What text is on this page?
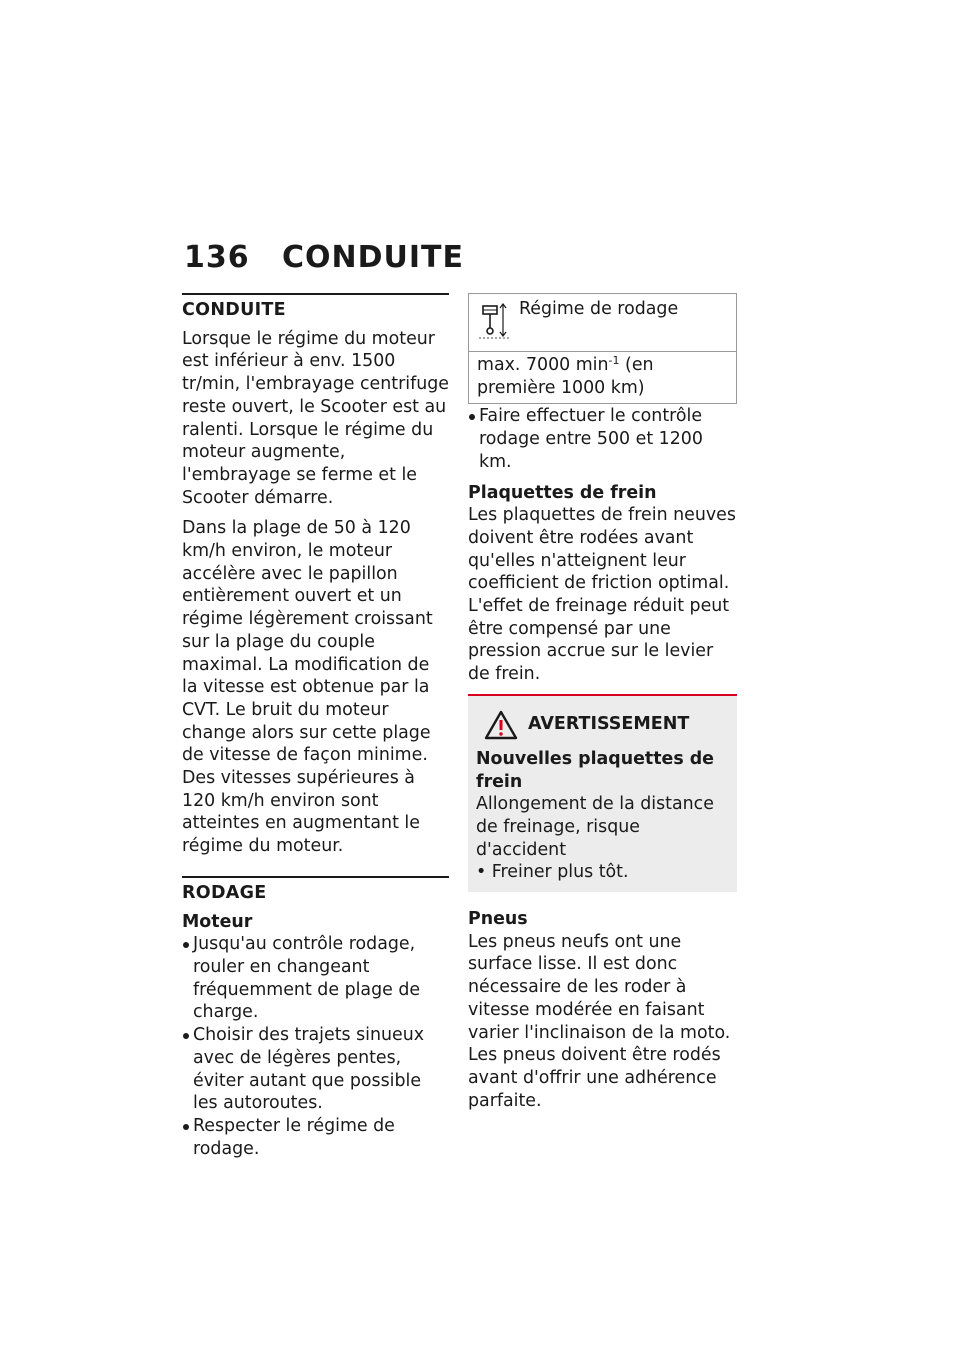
136 CONDUITE
CONDUITE

Lorsque le régime du moteur est inférieur à env. 1500 tr/min, l'embrayage centrifuge reste ouvert, le Scooter est au ralenti. Lorsque le régime du moteur augmente, l'embrayage se ferme et le Scooter démarre.

Dans la plage de 50 à 120 km/h environ, le moteur accélère avec le papillon entièrement ouvert et un régime légèrement croissant sur la plage du couple maximal. La modification de la vitesse est obtenue par la CVT. Le bruit du moteur change alors sur cette plage de vitesse de façon minime.

Des vitesses supérieures à 120 km/h environ sont atteintes en augmentant le régime du moteur.

RODAGE
Moteur
Jusqu'au contrôle rodage, rouler en changeant fréquemment de plage de charge.
Choisir des trajets sinueux avec de légères pentes, éviter autant que possible les autoroutes.
Respecter le régime de rodage.
Régime de rodage
max. 7000 $\min^{-1} (en$ première 1000 km)
Faire effectuer le contrôle rodage entre 500 et 1200 km.
Plaquettes de frein

Les plaquettes de frein neuves doivent être rodées avant qu'elles n'atteignent leur coefficient de friction optimal. L'effet de freinage réduit peut être compensé par une pression accrue sur le levier de frein.

AVERTISSEMENT
Nouvelles plaquettes de frein
Allongement de la distance de freinage, risque d'accident
• Freiner plus tôt.
Pneus

Les pneus neufs ont une surface lisse. Il est donc nécessaire de les roder à vitesse modérée en faisant varier l'inclinaison de la moto. Les pneus doivent être rodés avant d'offrir une adhérence parfaite.
